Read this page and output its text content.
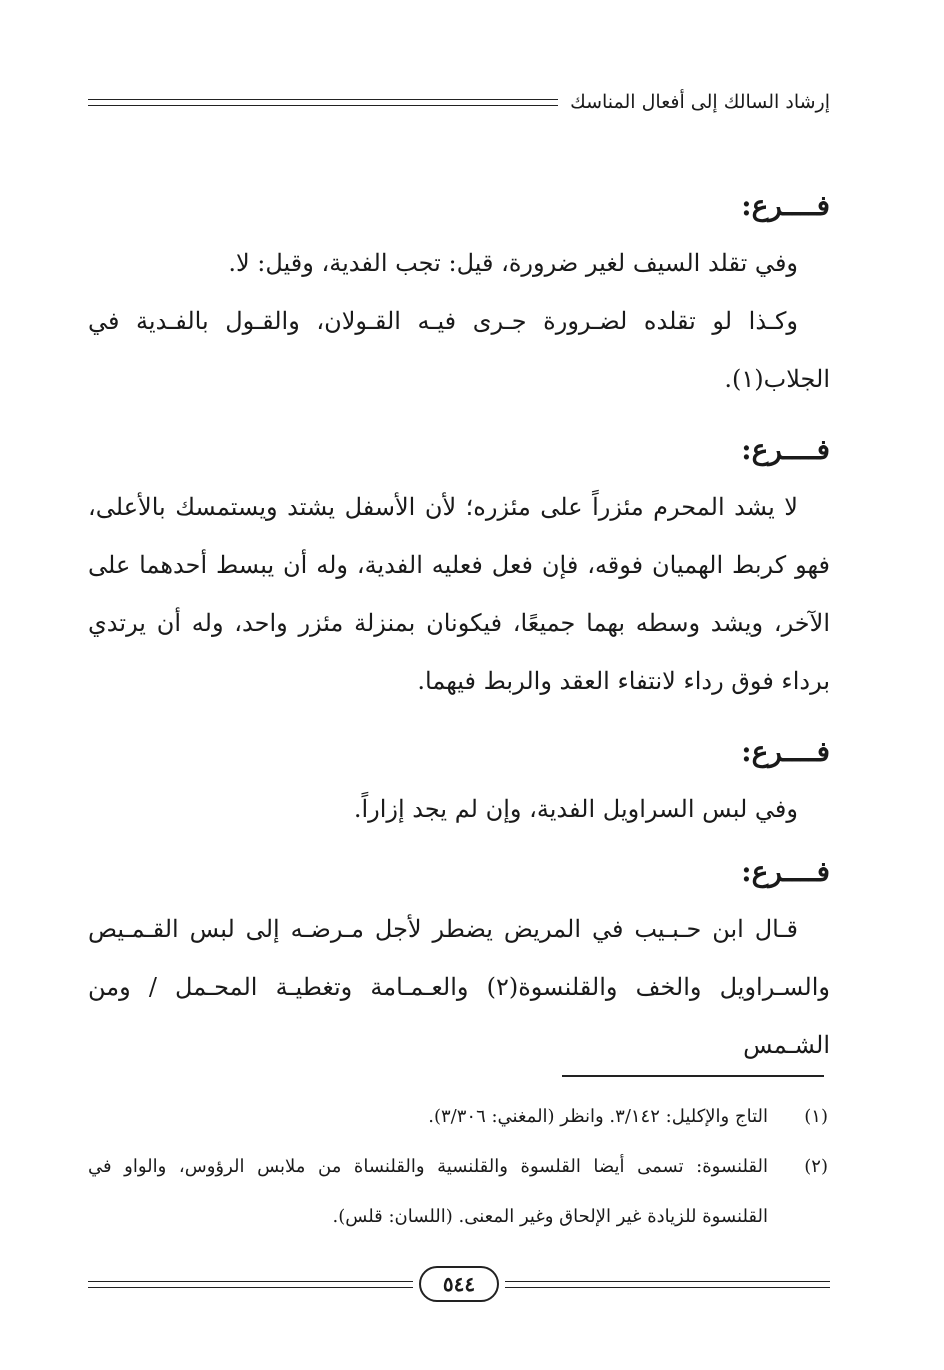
إرشاد السالك إلى أفعال المناسك
فــــرع:

وفي تقلد السيف لغير ضرورة، قيل: تجب الفدية، وقيل: لا.

وكـذا لو تقلده لضـرورة جـرى فيـه القـولان، والقـول بالفـدية في الجلاب(١).

فــــرع:

لا يشد المحرم مئزراً على مئزره؛ لأن الأسفل يشتد ويستمسك بالأعلى، فهو كربط الهميان فوقه، فإن فعل فعليه الفدية، وله أن يبسط أحدهما على الآخر، ويشد وسطه بهما جميعًا، فيكونان بمنزلة مئزر واحد، وله أن يرتدي برداء فوق رداء لانتفاء العقد والربط فيهما.

فــــرع:

وفي لبس السراويل الفدية، وإن لم يجد إزاراً.

فــــرع:

قـال ابن حـبـيب في المريض يضطر لأجل مـرضـه إلى لبس القـمـيص والسـراويل والخف والقلنسوة(٢) والعـمـامة وتغطيـة المحـمل / ومن الشـمس

(١)
التاج والإكليل: ٣/١٤٢. وانظر (المغني: ٣/٣٠٦).
(٢)
القلنسوة: تسمى أيضا القلسوة والقلنسية والقلنساة من ملابس الرؤوس، والواو في القلنسوة للزيادة غير الإلحاق وغير المعنى. (اللسان: قلس).
٥٤٤
